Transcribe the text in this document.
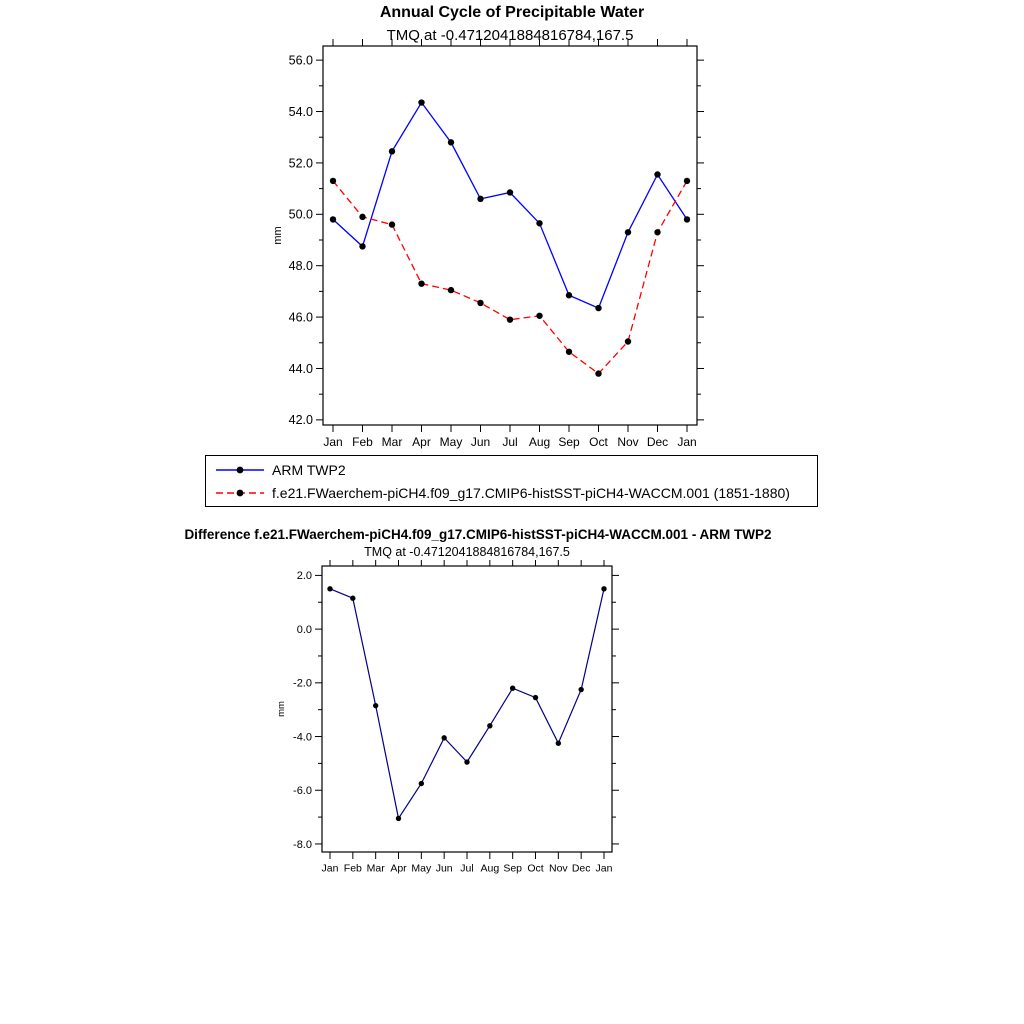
Annual Cycle of Precipitable Water
TMQ at -0.4712041884816784,167.5
42.0
44.0
46.0
48.0
50.0
52.0
54.0
56.0
mm
Jan Feb Mar Apr May Jun Jul Aug Sep Oct Nov Dec Jan
ARM TWP2
f.e21.FWaerchem-piCH4.f09_g17.CMIP6-histSST-piCH4-WACCM.001 (1851-1880)
Difference f.e21.FWaerchem-piCH4.f09_g17.CMIP6-histSST-piCH4-WACCM.001 - ARM TWP2
TMQ at -0.4712041884816784,167.5
-8.0
-6.0
-4.0
-2.0
0.0
2.0
mm
Jan Feb Mar Apr May Jun Jul Aug Sep Oct Nov Dec Jan
